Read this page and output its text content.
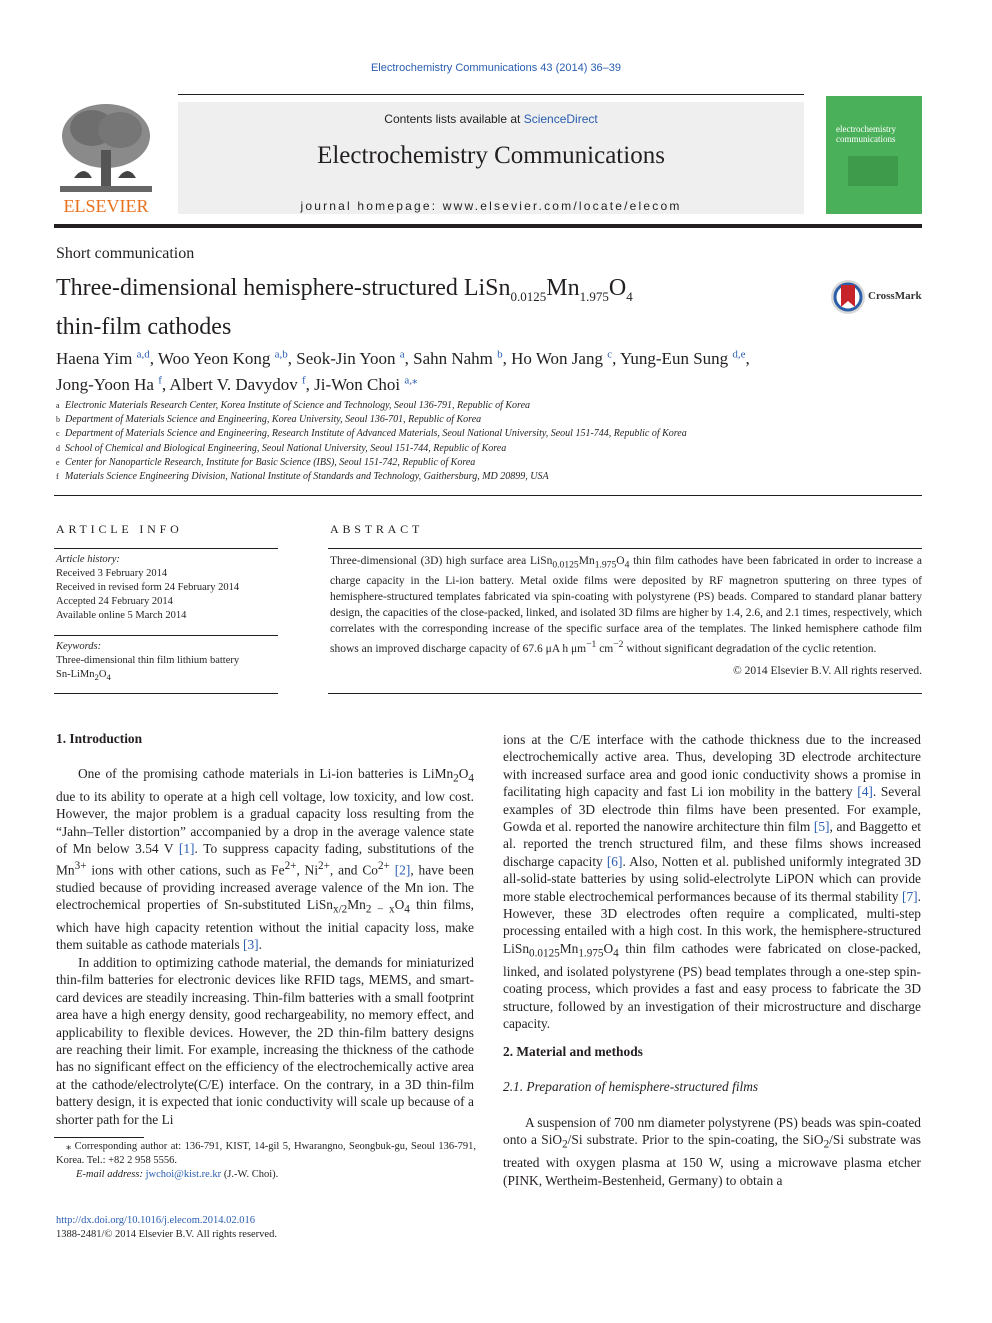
Electrochemistry Communications 43 (2014) 36–39
ELSEVIER
Contents lists available at ScienceDirect
Electrochemistry Communications
journal homepage: www.elsevier.com/locate/elecom
electrochemistry communications
Short communication
Three-dimensional hemisphere-structured $LiSn_{0.0125}Mn_{1.975}O_4$
thin-film cathodes
CrossMark
Haena Yim $^{a,d}$, Woo Yeon Kong $^{a,b}$, Seok-Jin Yoon $^a$, Sahn Nahm $^b$, Ho Won Jang $^c$, Yung-Eun Sung $^{d,e}$,
Jong-Yoon Ha $^f$, Albert V. Davydov $^f$, Ji-Won Choi $^{a,⁎}$
a Electronic Materials Research Center, Korea Institute of Science and Technology, Seoul 136-791, Republic of Korea
b Department of Materials Science and Engineering, Korea University, Seoul 136-701, Republic of Korea
c Department of Materials Science and Engineering, Research Institute of Advanced Materials, Seoul National University, Seoul 151-744, Republic of Korea
d School of Chemical and Biological Engineering, Seoul National University, Seoul 151-744, Republic of Korea
e Center for Nanoparticle Research, Institute for Basic Science (IBS), Seoul 151-742, Republic of Korea
f Materials Science Engineering Division, National Institute of Standards and Technology, Gaithersburg, MD 20899, USA
ARTICLE INFO
Article history:
Received 3 February 2014
Received in revised form 24 February 2014
Accepted 24 February 2014
Available online 5 March 2014
Keywords:
Three-dimensional thin film lithium battery
$Sn-LiMn_2O_4$
ABSTRACT
Three-dimensional (3D) high surface area $LiSn_{0.0125}Mn_{1.975}O_4$ thin film cathodes have been fabricated in order to increase a charge capacity in the Li-ion battery. Metal oxide films were deposited by RF magnetron sputtering on three types of hemisphere-structured templates fabricated via spin-coating with polystyrene (PS) beads. Compared to standard planar battery design, the capacities of the close-packed, linked, and isolated 3D films are higher by 1.4, 2.6, and 2.1 times, respectively, which correlates with the corresponding increase of the specific surface area of the templates. The linked hemisphere cathode film shows an improved discharge capacity of 67.6 μA h $\mu m^{-1}$ $cm^{-2}$ without significant degradation of the cyclic retention.
© 2014 Elsevier B.V. All rights reserved.
1. Introduction

One of the promising cathode materials in Li-ion batteries is $LiMn_2O_4$ due to its ability to operate at a high cell voltage, low toxicity, and low cost. However, the major problem is a gradual capacity loss resulting from the “Jahn–Teller distortion” accompanied by a drop in the average valence state of Mn below 3.54 V [1]. To suppress capacity fading, substitutions of the $Mn^{3+}$ ions with other cations, such as $Fe^{2+}$, $Ni^{2+}$, and $Co^{2+}$ [2], have been studied because of providing increased average valence of the Mn ion. The electrochemical properties of Sn-substituted $LiSn_{x/2}Mn_{2 - x}O_4$ thin films, which have high capacity retention without the initial capacity loss, make them suitable as cathode materials [3].

In addition to optimizing cathode material, the demands for miniaturized thin-film batteries for electronic devices like RFID tags, MEMS, and smart-card devices are steadily increasing. Thin-film batteries with a small footprint area have a high energy density, good rechargeability, no memory effect, and applicability to flexible devices. However, the 2D thin-film battery designs are reaching their limit. For example, increasing the thickness of the cathode has no significant effect on the efficiency of the electrochemically active area at the cathode/electrolyte(C/E) interface. On the contrary, in a 3D thin-film battery design, it is expected that ionic conductivity will scale up because of a shorter path for the Li

ions at the C/E interface with the cathode thickness due to the increased electrochemically active area. Thus, developing 3D electrode architecture with increased surface area and good ionic conductivity shows a promise in facilitating high capacity and fast Li ion mobility in the battery [4]. Several examples of 3D electrode thin films have been presented. For example, Gowda et al. reported the nanowire architecture thin film [5], and Baggetto et al. reported the trench structured film, and these films shows increased discharge capacity [6]. Also, Notten et al. published uniformly integrated 3D all-solid-state batteries by using solid-electrolyte LiPON which can provide more stable electrochemical performances because of its thermal stability [7]. However, these 3D electrodes often require a complicated, multi-step processing entailed with a high cost. In this work, the hemisphere-structured $LiSn_{0.0125}Mn_{1.975}O_4$ thin film cathodes were fabricated on close-packed, linked, and isolated polystyrene (PS) bead templates through a one-step spin-coating process, which provides a fast and easy process to fabricate the 3D structure, followed by an investigation of their microstructure and discharge capacity.

2. Material and methods
2.1. Preparation of hemisphere-structured films

A suspension of 700 nm diameter polystyrene (PS) beads was spin-coated onto a SiO$_2$/Si substrate. Prior to the spin-coating, the SiO$_2$/Si substrate was treated with oxygen plasma at 150 W, using a microwave plasma etcher (PINK, Wertheim-Bestenheid, Germany) to obtain a

⁎ Corresponding author at: 136-791, KIST, 14-gil 5, Hwarangno, Seongbuk-gu, Seoul 136-791, Korea. Tel.: +82 2 958 5556.
E-mail address: jwchoi@kist.re.kr (J.-W. Choi).
http://dx.doi.org/10.1016/j.elecom.2014.02.016
1388-2481/© 2014 Elsevier B.V. All rights reserved.
